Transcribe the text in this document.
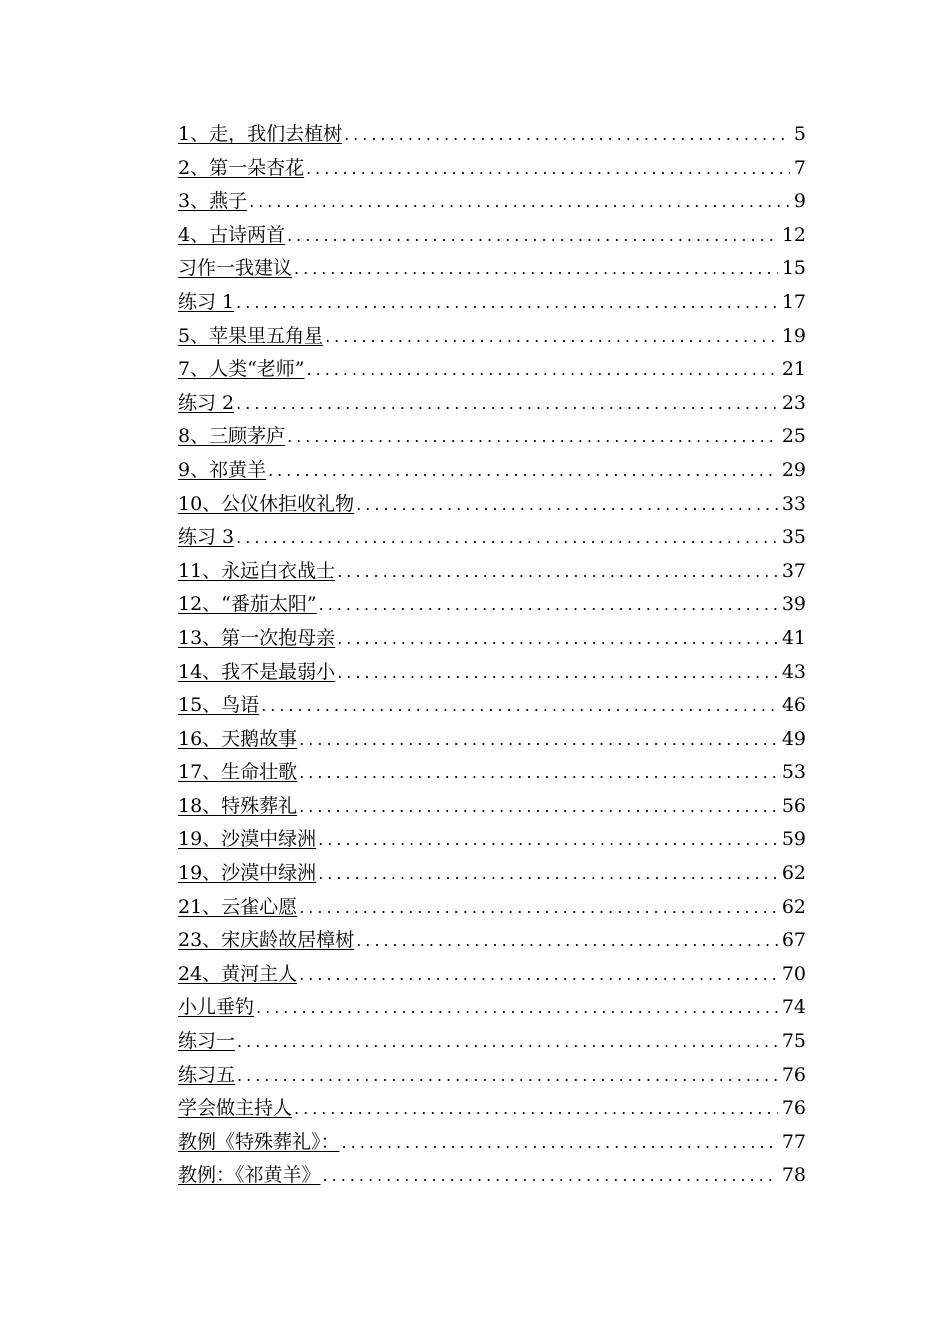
1、走，我们去植树 .....	5
2、第一朵杏花 .....	7
3、燕子 .....	9
4、古诗两首 .....	12
习作一我建议 .....	15
练习 1 .....	17
5、苹果里五角星 .....	19
7、人类“老师” .....	21
练习 2 .....	23
8、三顾茅庐 .....	25
9、祁黄羊 .....	29
10、公仪休拒收礼物 .....	33
练习 3 .....	35
11、永远白衣战士 .....	37
12、“番茄太阳” .....	39
13、第一次抱母亲 .....	41
14、我不是最弱小 .....	43
15、鸟语 .....	46
16、天鹅故事 .....	49
17、生命壮歌 .....	53
18、特殊葬礼 .....	56
19、沙漠中绿洲 .....	59
19、沙漠中绿洲 .....	62
21、云雀心愿 .....	62
23、宋庆龄故居樟树 .....	67
24、黄河主人 .....	70
小儿垂钓 .....	74
练习一 .....	75
练习五 .....	76
学会做主持人 .....	76
教例《特殊葬礼》： .....	77
教例：《祁黄羊》 .....	78
